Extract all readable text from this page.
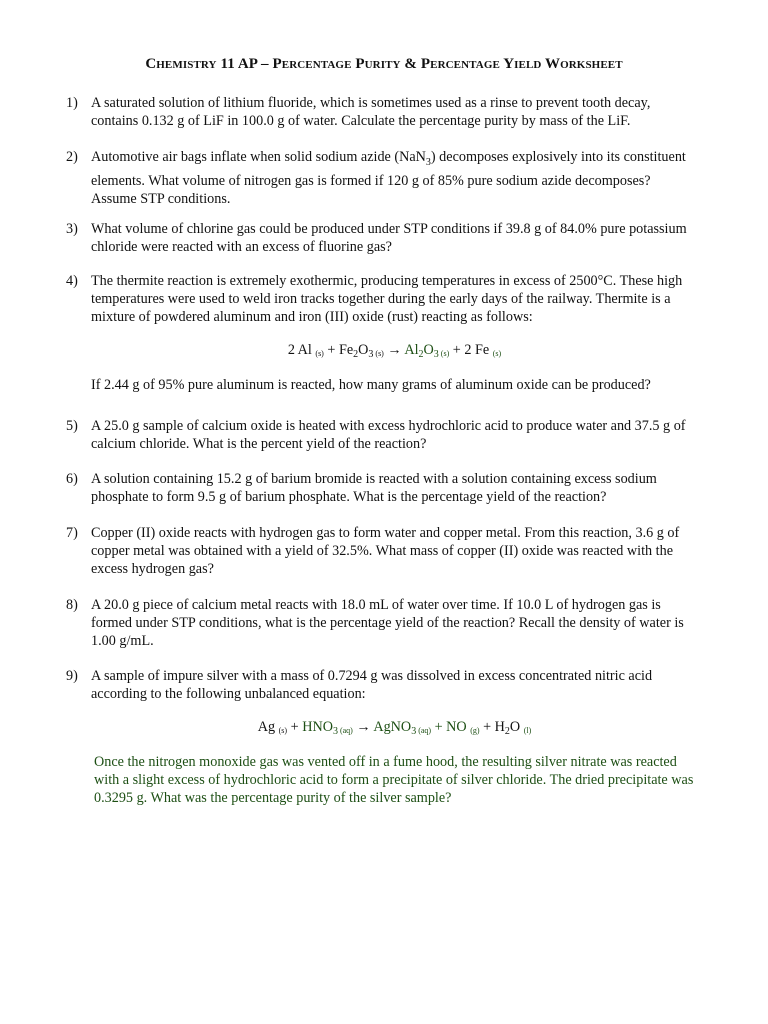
Chemistry 11 AP – Percentage Purity & Percentage Yield Worksheet
1) A saturated solution of lithium fluoride, which is sometimes used as a rinse to prevent tooth decay, contains 0.132 g of LiF in 100.0 g of water. Calculate the percentage purity by mass of the LiF.
2) Automotive air bags inflate when solid sodium azide (NaN$_3$) decomposes explosively into its constituent elements. What volume of nitrogen gas is formed if 120 g of 85% pure sodium azide decomposes? Assume STP conditions.
3) What volume of chlorine gas could be produced under STP conditions if 39.8 g of 84.0% pure potassium chloride were reacted with an excess of fluorine gas?
4) The thermite reaction is extremely exothermic, producing temperatures in excess of 2500°C. These high temperatures were used to weld iron tracks together during the early days of the railway. Thermite is a mixture of powdered aluminum and iron (III) oxide (rust) reacting as follows:
2 Al $_{(s)} + Fe_2O_3$ $_{(s)} \to Al_2O_3$ $_{(s)}$ + 2 Fe $_{(s)}$
If 2.44 g of 95% pure aluminum is reacted, how many grams of aluminum oxide can be produced?
5) A 25.0 g sample of calcium oxide is heated with excess hydrochloric acid to produce water and 37.5 g of calcium chloride. What is the percent yield of the reaction?
6) A solution containing 15.2 g of barium bromide is reacted with a solution containing excess sodium phosphate to form 9.5 g of barium phosphate. What is the percentage yield of the reaction?
7) Copper (II) oxide reacts with hydrogen gas to form water and copper metal. From this reaction, 3.6 g of copper metal was obtained with a yield of 32.5%. What mass of copper (II) oxide was reacted with the excess hydrogen gas?
8) A 20.0 g piece of calcium metal reacts with 18.0 mL of water over time. If 10.0 L of hydrogen gas is formed under STP conditions, what is the percentage yield of the reaction? Recall the density of water is 1.00 g/mL.
9) A sample of impure silver with a mass of 0.7294 g was dissolved in excess concentrated nitric acid according to the following unbalanced equation:
Ag $_{(s)} + HNO_3$ $_{(aq)}$ → AgNO$_3$ $_{(aq)}$ + NO $_{(g)} + H_2O$ $_{(l)}$
Once the nitrogen monoxide gas was vented off in a fume hood, the resulting silver nitrate was reacted with a slight excess of hydrochloric acid to form a precipitate of silver chloride. The dried precipitate was 0.3295 g. What was the percentage purity of the silver sample?
